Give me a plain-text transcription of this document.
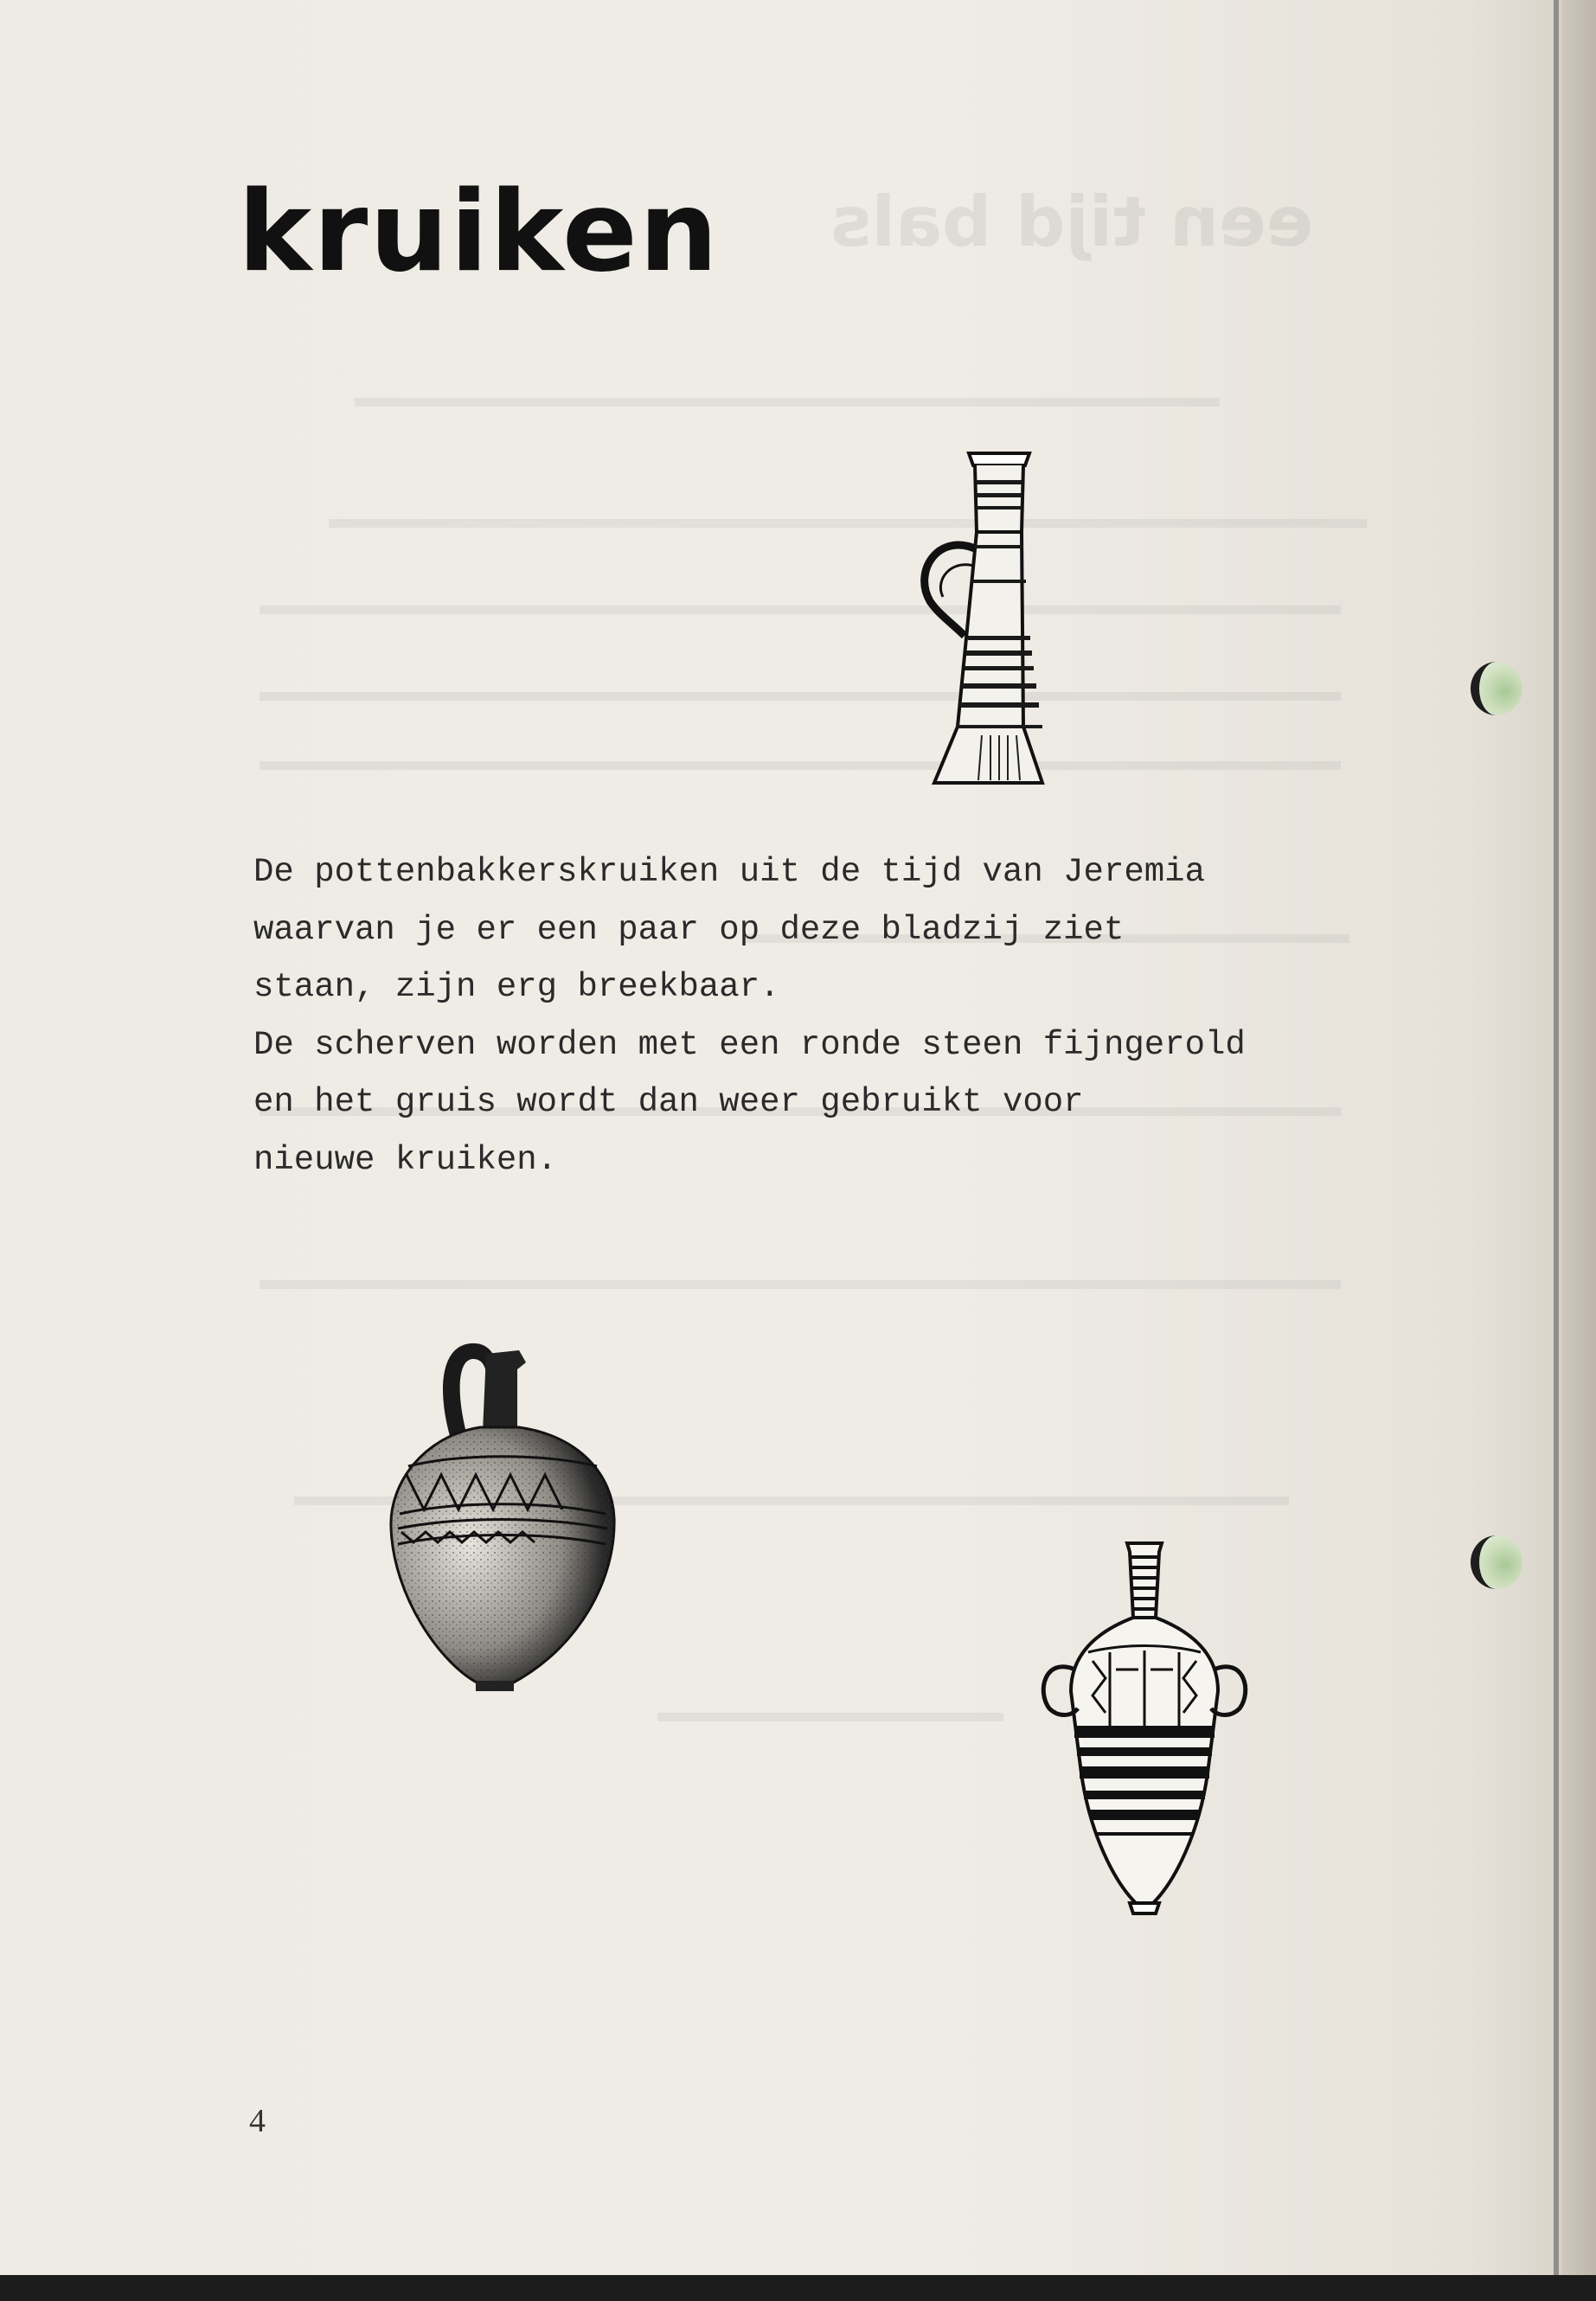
een tijd bals
kruiken

De pottenbakkerskruiken uit de tijd van Jeremia

waarvan je er een paar op deze bladzij ziet

staan, zijn erg breekbaar.

De scherven worden met een ronde steen fijngerold

en het gruis wordt dan weer gebruikt voor

nieuwe kruiken.

4
